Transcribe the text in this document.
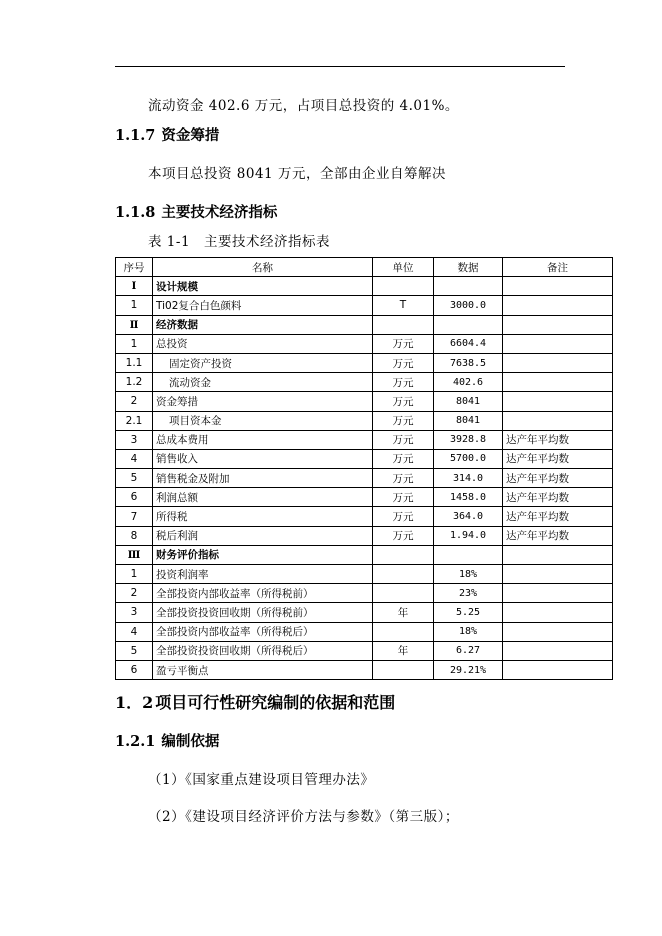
流动资金 402.6 万元，占项目总投资的 4.01%。
1.1.7 资金筹措
本项目总投资 8041 万元，全部由企业自筹解决
1.1.8 主要技术经济指标
表 1-1 主要技术经济指标表
序号	名称	单位	数据	备注
I	设计规模			
1	Ti02复合白色颜料	T	3000.0	
Ⅱ	经济数据			
1	总投资	万元	6604.4	
1.1	固定资产投资	万元	7638.5	
1.2	流动资金	万元	402.6	
2	资金筹措	万元	8041	
2.1	项目资本金	万元	8041	
3	总成本费用	万元	3928.8	达产年平均数
4	销售收入	万元	5700.0	达产年平均数
5	销售税金及附加	万元	314.0	达产年平均数
6	利润总额	万元	1458.0	达产年平均数
7	所得税	万元	364.0	达产年平均数
8	税后利润	万元	1.94.0	达产年平均数
Ⅲ	财务评价指标			
1	投资利润率		18%	
2	全部投资内部收益率（所得税前）		23%	
3	全部投资投资回收期（所得税前）	年	5.25	
4	全部投资内部收益率（所得税后）		18%	
5	全部投资投资回收期（所得税后）	年	6.27	
6	盈亏平衡点		29.21%	
1．2 项目可行性研究编制的依据和范围
1.2.1 编制依据
（1）《国家重点建设项目管理办法》
（2）《建设项目经济评价方法与参数》（第三版）；
